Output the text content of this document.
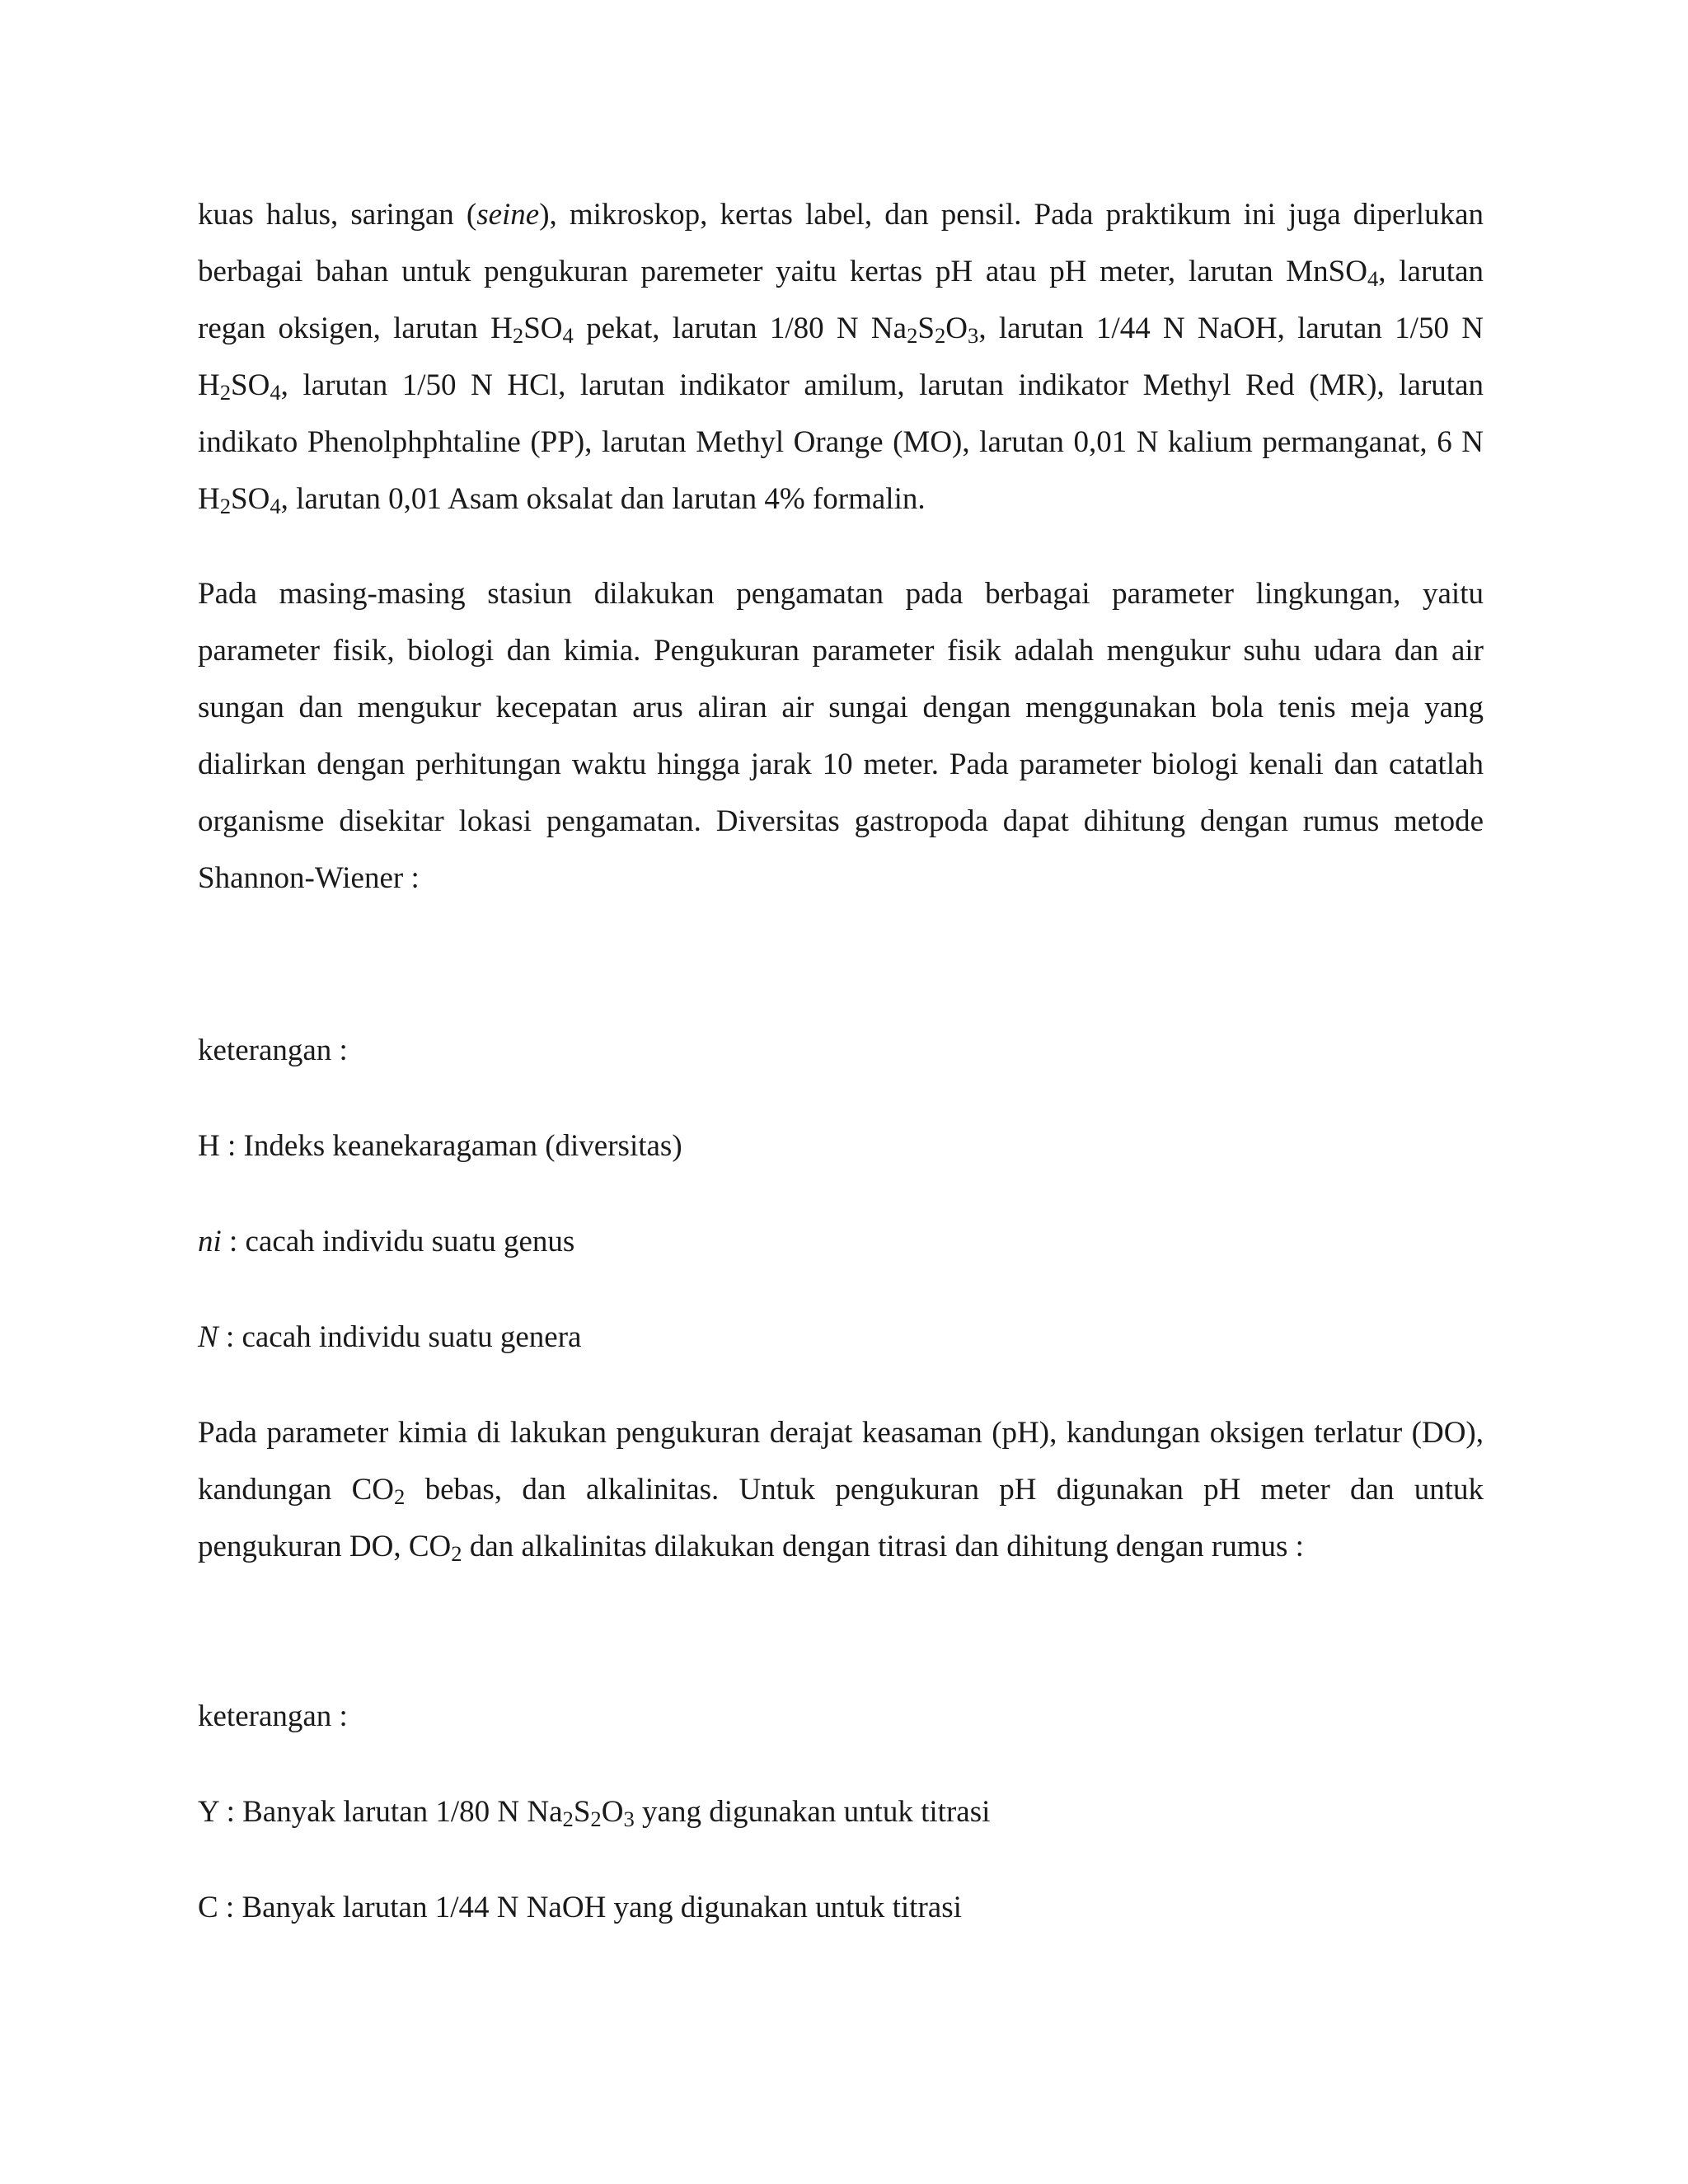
kuas halus, saringan (seine), mikroskop, kertas label, dan pensil. Pada praktikum ini juga diperlukan berbagai bahan untuk pengukuran paremeter yaitu kertas pH atau pH meter, larutan MnSO$_4$, larutan regan oksigen, larutan $H_2SO_4$ pekat, larutan 1/80 N $Na_2S_2O_3$, larutan 1/44 N NaOH, larutan 1/50 N $H_2SO_4$, larutan 1/50 N HCl, larutan indikator amilum, larutan indikator Methyl Red (MR), larutan indikato Phenolphphtaline (PP), larutan Methyl Orange (MO), larutan 0,01 N kalium permanganat, 6 N $H_2SO_4$, larutan 0,01 Asam oksalat dan larutan 4% formalin.

Pada masing-masing stasiun dilakukan pengamatan pada berbagai parameter lingkungan, yaitu parameter fisik, biologi dan kimia. Pengukuran parameter fisik adalah mengukur suhu udara dan air sungan dan mengukur kecepatan arus aliran air sungai dengan menggunakan bola tenis meja yang dialirkan dengan perhitungan waktu hingga jarak 10 meter. Pada parameter biologi kenali dan catatlah organisme disekitar lokasi pengamatan. Diversitas gastropoda dapat dihitung dengan rumus metode Shannon-Wiener :

keterangan :

H : Indeks keanekaragaman (diversitas)

ni : cacah individu suatu genus

N : cacah individu suatu genera

Pada parameter kimia di lakukan pengukuran derajat keasaman (pH), kandungan oksigen terlatur (DO), kandungan $CO_2$ bebas, dan alkalinitas. Untuk pengukuran pH digunakan pH meter dan untuk pengukuran DO, $CO_2$ dan alkalinitas dilakukan dengan titrasi dan dihitung dengan rumus :

keterangan :

Y : Banyak larutan 1/80 N $Na_2S_2O_3$ yang digunakan untuk titrasi

C : Banyak larutan 1/44 N NaOH yang digunakan untuk titrasi
